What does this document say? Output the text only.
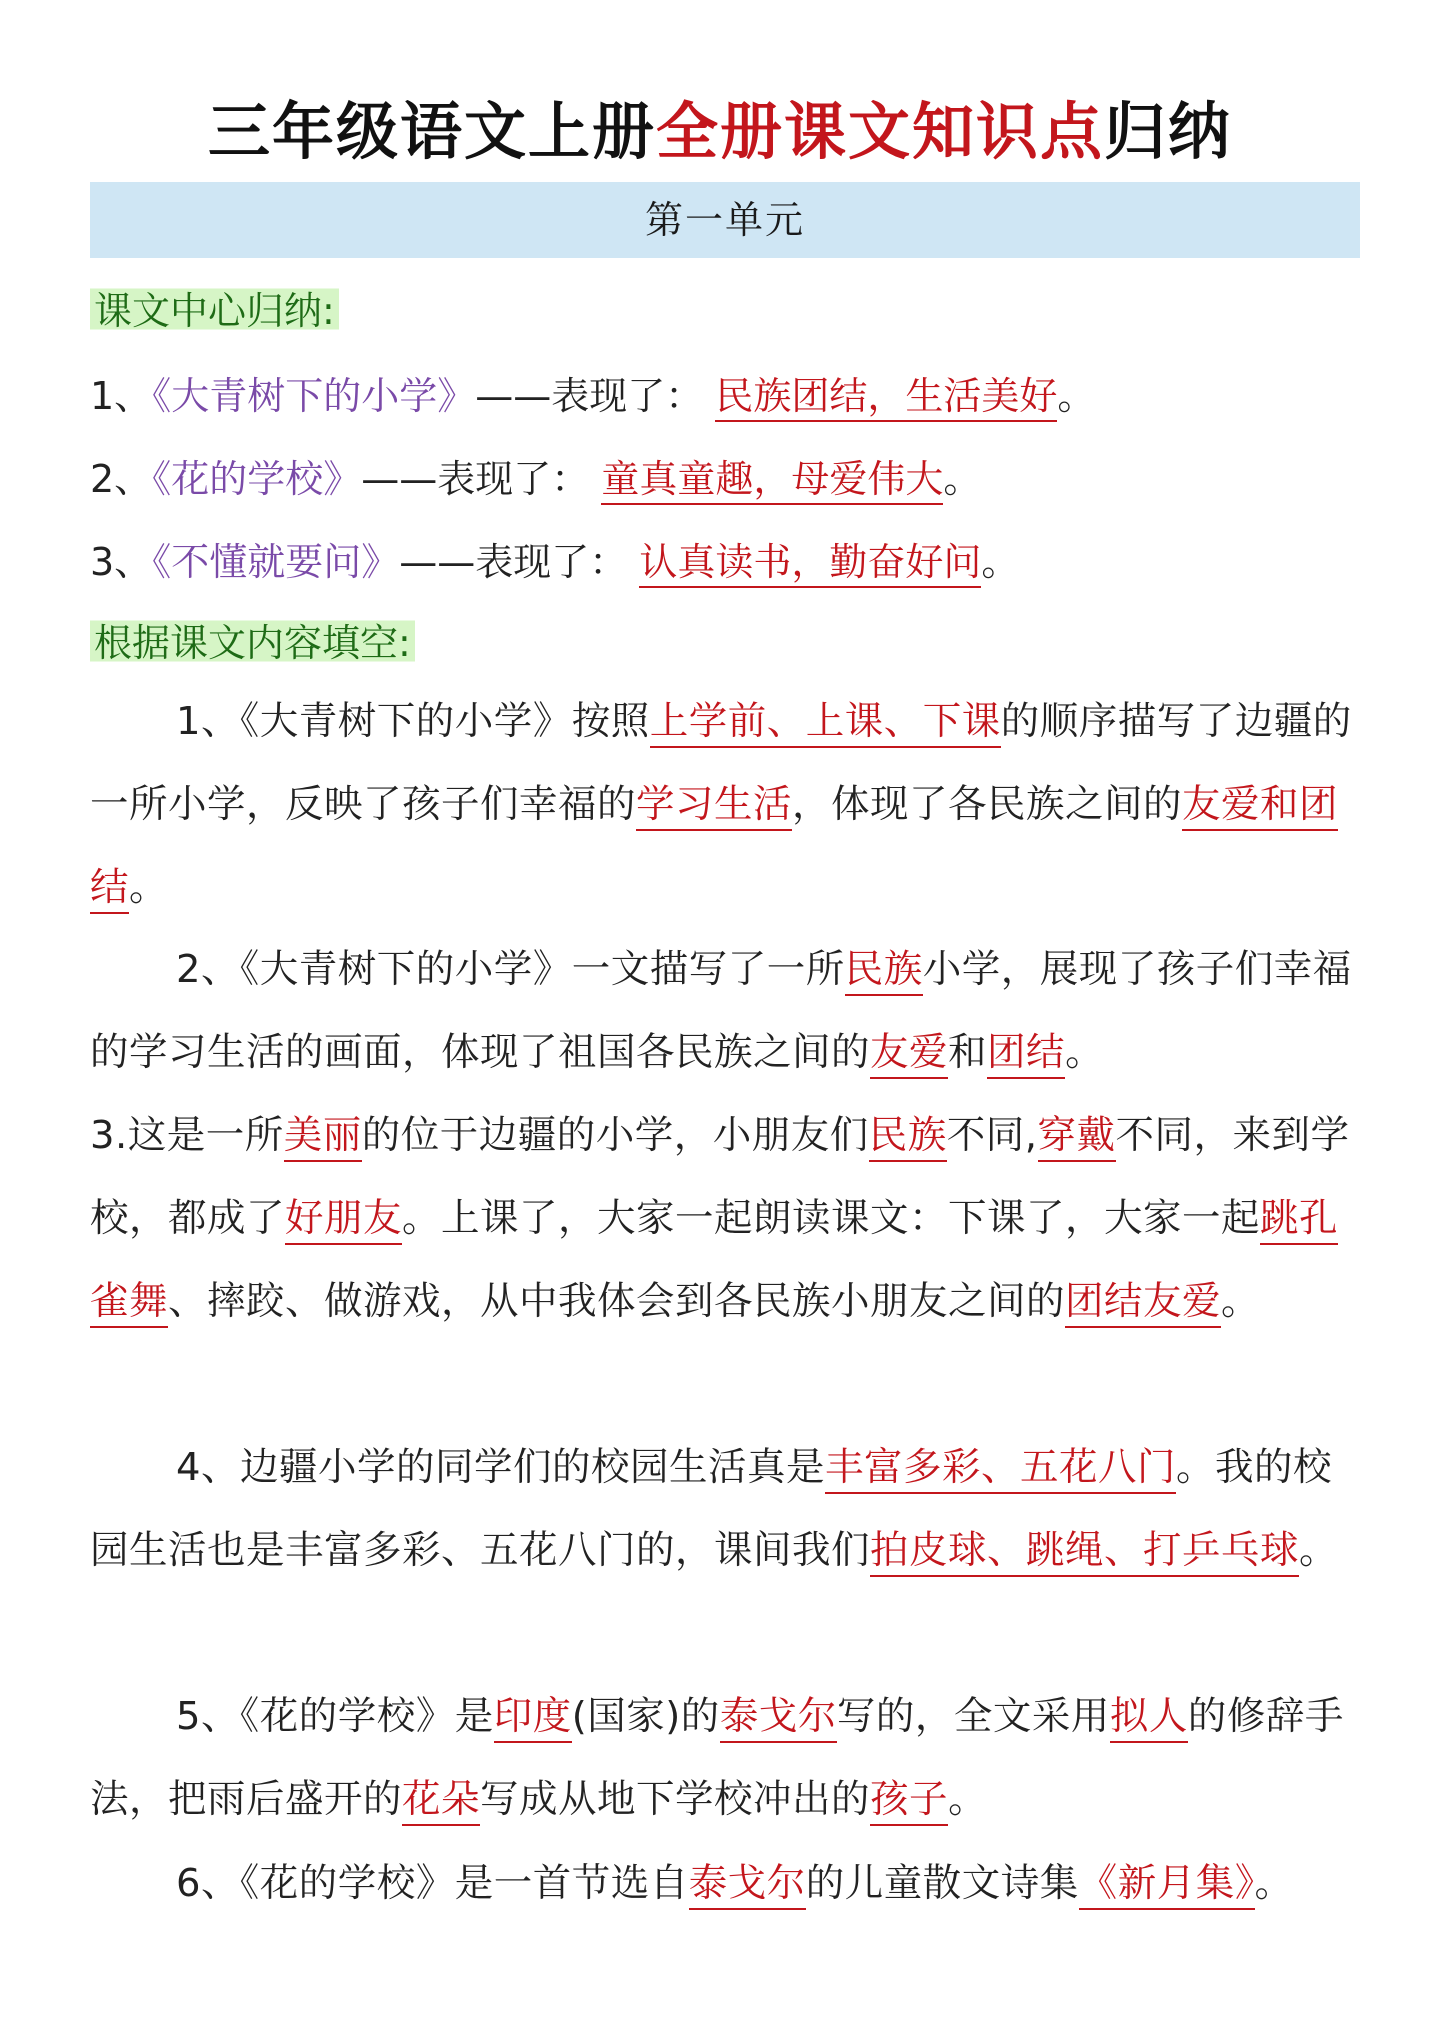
三年级语文上册全册课文知识点归纳
第一单元
课文中心归纳:
1、《大青树下的小学》——表现了： 民族团结，生活美好。
2、《花的学校》——表现了： 童真童趣，母爱伟大。
3、《不懂就要问》——表现了： 认真读书，勤奋好问。
根据课文内容填空:
1、《大青树下的小学》按照上学前、上课、下课的顺序描写了边疆的一所小学，反映了孩子们幸福的学习生活，体现了各民族之间的友爱和团结。
2、《大青树下的小学》一文描写了一所民族小学，展现了孩子们幸福的学习生活的画面，体现了祖国各民族之间的友爱和团结。
3.这是一所美丽的位于边疆的小学，小朋友们民族不同,穿戴不同，来到学校，都成了好朋友。上课了，大家一起朗读课文：下课了，大家一起跳孔雀舞、摔跤、做游戏，从中我体会到各民族小朋友之间的团结友爱。
4、边疆小学的同学们的校园生活真是丰富多彩、五花八门。我的校园生活也是丰富多彩、五花八门的，课间我们拍皮球、跳绳、打乒乓球。
5、《花的学校》是印度(国家)的泰戈尔写的，全文采用拟人的修辞手法，把雨后盛开的花朵写成从地下学校冲出的孩子。
6、《花的学校》是一首节选自泰戈尔的儿童散文诗集《新月集》。
